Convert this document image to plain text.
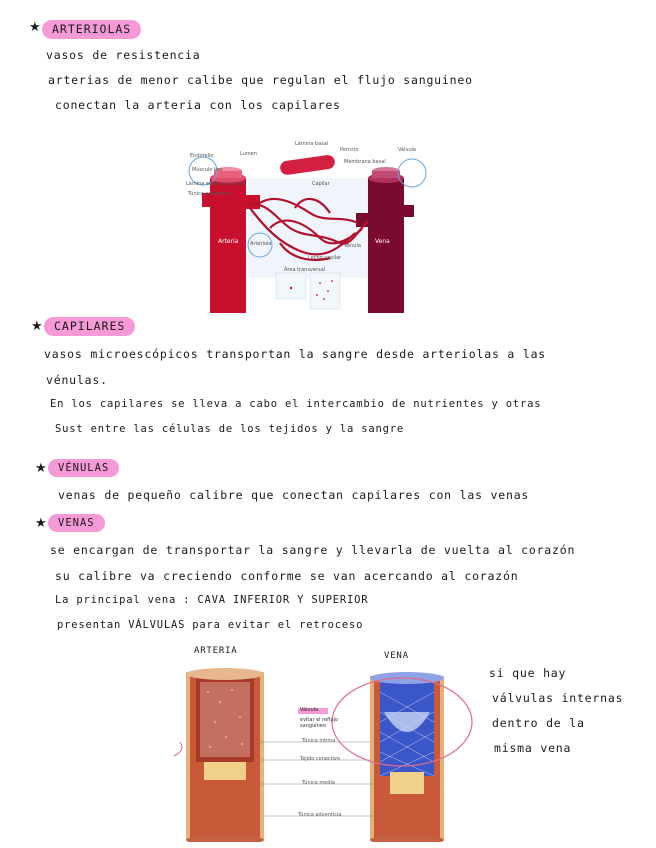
★ ARTERIOLAS
vasos de resistencia
arterias de menor calibe que regulan el flujo sanguineo
conectan la arteria con los capilares
Arteria	Vena
Arteriola	Vénula
Capilar
Endotelio
Músculo liso
Lámina elástica interna
Túnica adventicia
Lumen
Lámina basal
Membrana basal
Pericito	Válvula
Área transversal
Lecho capilar
★ CAPILARES
vasos microescópicos transportan la sangre desde arteriolas a las
vénulas.
En los capilares se lleva a cabo el intercambio de nutrientes y otras
Sust entre las células de los tejidos y la sangre
★	VÉNULAS
venas de pequeño calibre que conectan capilares con las venas
★	VENAS
se encargan de transportar la sangre y llevarla de vuelta al corazón
su calibre va creciendo conforme se van acercando al corazón
La principal vena : CAVA INFERIOR Y SUPERIOR
presentan VÁLVULAS para evitar el retroceso
ARTERIA	VENA
Válvula
evitar el reflujo sanguíneo
Túnica íntima
Tejido conectivo
Túnica media
Túnica adventicia
si que hay
válvulas internas
dentro de la
misma vena
